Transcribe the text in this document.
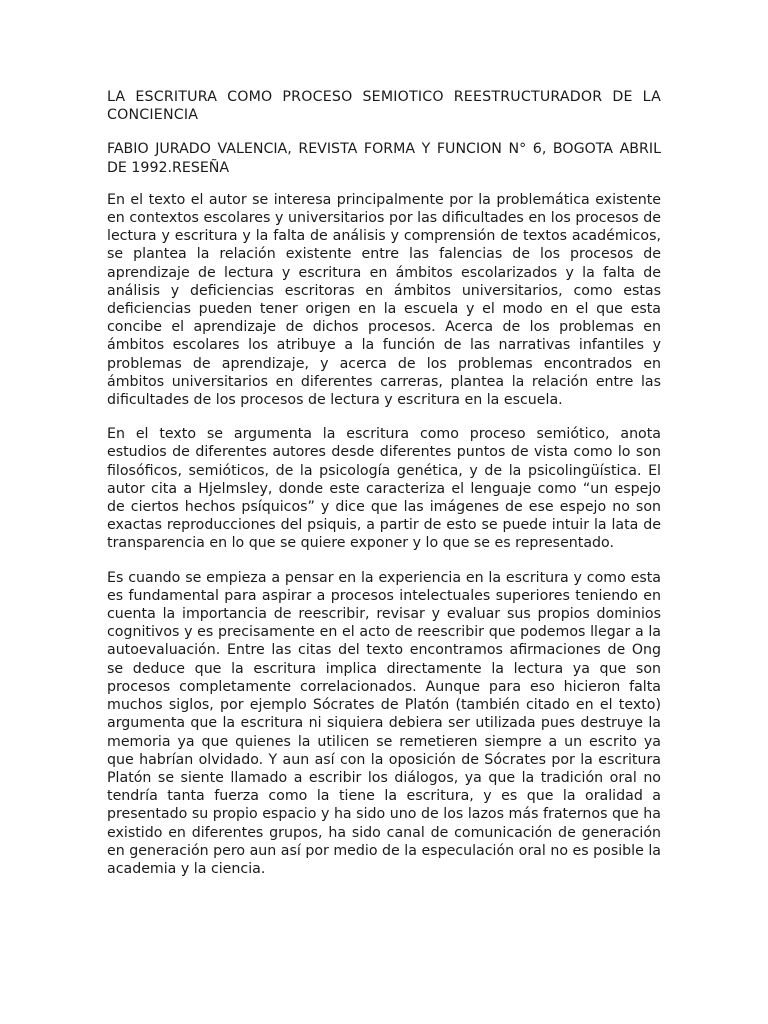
LA ESCRITURA COMO PROCESO SEMIOTICO REESTRUCTURADOR DE LA CONCIENCIA

FABIO JURADO VALENCIA, REVISTA FORMA Y FUNCION N° 6, BOGOTA ABRIL DE 1992.RESEÑA

En el texto el autor se interesa principalmente por la problemática existente en contextos escolares y universitarios por las dificultades en los procesos de lectura y escritura y la falta de análisis y comprensión de textos académicos, se plantea la relación existente entre las falencias de los procesos de aprendizaje de lectura y escritura en ámbitos escolarizados y la falta de análisis y deficiencias escritoras en ámbitos universitarios, como estas deficiencias pueden tener origen en la escuela y el modo en el que esta concibe el aprendizaje de dichos procesos. Acerca de los problemas en ámbitos escolares los atribuye a la función de las narrativas infantiles y problemas de aprendizaje, y acerca de los problemas encontrados en ámbitos universitarios en diferentes carreras, plantea la relación entre las dificultades de los procesos de lectura y escritura en la escuela.

En el texto se argumenta la escritura como proceso semiótico, anota estudios de diferentes autores desde diferentes puntos de vista como lo son filosóficos, semióticos, de la psicología genética, y de la psicolingüística. El autor cita a Hjelmsley, donde este caracteriza el lenguaje como “un espejo de ciertos hechos psíquicos” y dice que las imágenes de ese espejo no son exactas reproducciones del psiquis, a partir de esto se puede intuir la lata de transparencia en lo que se quiere exponer y lo que se es representado.

Es cuando se empieza a pensar en la experiencia en la escritura y como esta es fundamental para aspirar a procesos intelectuales superiores teniendo en cuenta la importancia de reescribir, revisar y evaluar sus propios dominios cognitivos y es precisamente en el acto de reescribir que podemos llegar a la autoevaluación. Entre las citas del texto encontramos afirmaciones de Ong se deduce que la escritura implica directamente la lectura ya que son procesos completamente correlacionados. Aunque para eso hicieron falta muchos siglos, por ejemplo Sócrates de Platón (también citado en el texto) argumenta que la escritura ni siquiera debiera ser utilizada pues destruye la memoria ya que quienes la utilicen se remetieren siempre a un escrito ya que habrían olvidado. Y aun así con la oposición de Sócrates por la escritura Platón se siente llamado a escribir los diálogos, ya que la tradición oral no tendría tanta fuerza como la tiene la escritura, y es que la oralidad a presentado su propio espacio y ha sido uno de los lazos más fraternos que ha existido en diferentes grupos, ha sido canal de comunicación de generación en generación pero aun así por medio de la especulación oral no es posible la academia y la ciencia.
